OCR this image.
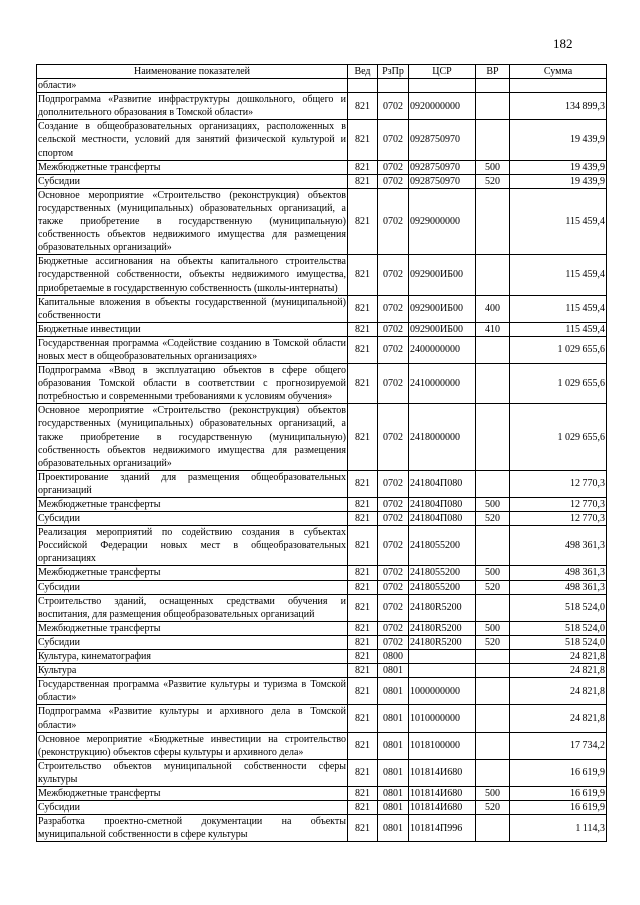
182
Наименование показателей	Вед	РзПр	ЦСР	ВР	Сумма
области»					
Подпрограмма «Развитие инфраструктуры дошкольного, общего и дополнительного образования в Томской области»	821	0702	0920000000		134 899,3
Создание в общеобразовательных организациях, расположенных в сельской местности, условий для занятий физической культурой и спортом	821	0702	0928750970		19 439,9
Межбюджетные трансферты	821	0702	0928750970	500	19 439,9
Субсидии	821	0702	0928750970	520	19 439,9
Основное мероприятие «Строительство (реконструкция) объектов государственных (муниципальных) образовательных организаций, а также приобретение в государственную (муниципальную) собственность объектов недвижимого имущества для размещения образовательных организаций»	821	0702	0929000000		115 459,4
Бюджетные ассигнования на объекты капитального строительства государственной собственности, объекты недвижимого имущества, приобретаемые в государственную собственность (школы-интернаты)	821	0702	092900ИБ00		115 459,4
Капитальные вложения в объекты государственной (муниципальной) собственности	821	0702	092900ИБ00	400	115 459,4
Бюджетные инвестиции	821	0702	092900ИБ00	410	115 459,4
Государственная программа «Содействие созданию в Томской области новых мест в общеобразовательных организациях»	821	0702	2400000000		1 029 655,6
Подпрограмма «Ввод в эксплуатацию объектов в сфере общего образования Томской области в соответствии с прогнозируемой потребностью и современными требованиями к условиям обучения»	821	0702	2410000000		1 029 655,6
Основное мероприятие «Строительство (реконструкция) объектов государственных (муниципальных) образовательных организаций, а также приобретение в государственную (муниципальную) собственность объектов недвижимого имущества для размещения образовательных организаций»	821	0702	2418000000		1 029 655,6
Проектирование зданий для размещения общеобразовательных организаций	821	0702	241804П080		12 770,3
Межбюджетные трансферты	821	0702	241804П080	500	12 770,3
Субсидии	821	0702	241804П080	520	12 770,3
Реализация мероприятий по содействию создания в субъектах Российской Федерации новых мест в общеобразовательных организациях	821	0702	2418055200		498 361,3
Межбюджетные трансферты	821	0702	2418055200	500	498 361,3
Субсидии	821	0702	2418055200	520	498 361,3
Строительство зданий, оснащенных средствами обучения и воспитания, для размещения общеобразовательных организаций	821	0702	24180R5200		518 524,0
Межбюджетные трансферты	821	0702	24180R5200	500	518 524,0
Субсидии	821	0702	24180R5200	520	518 524,0
Культура, кинематография	821	0800			24 821,8
Культура	821	0801			24 821,8
Государственная программа «Развитие культуры и туризма в Томской области»	821	0801	1000000000		24 821,8
Подпрограмма «Развитие культуры и архивного дела в Томской области»	821	0801	1010000000		24 821,8
Основное мероприятие «Бюджетные инвестиции на строительство (реконструкцию) объектов сферы культуры и архивного дела»	821	0801	1018100000		17 734,2
Строительство объектов муниципальной собственности сферы культуры	821	0801	101814И680		16 619,9
Межбюджетные трансферты	821	0801	101814И680	500	16 619,9
Субсидии	821	0801	101814И680	520	16 619,9
Разработка проектно-сметной документации на объекты муниципальной собственности в сфере культуры	821	0801	101814П996		1 114,3
